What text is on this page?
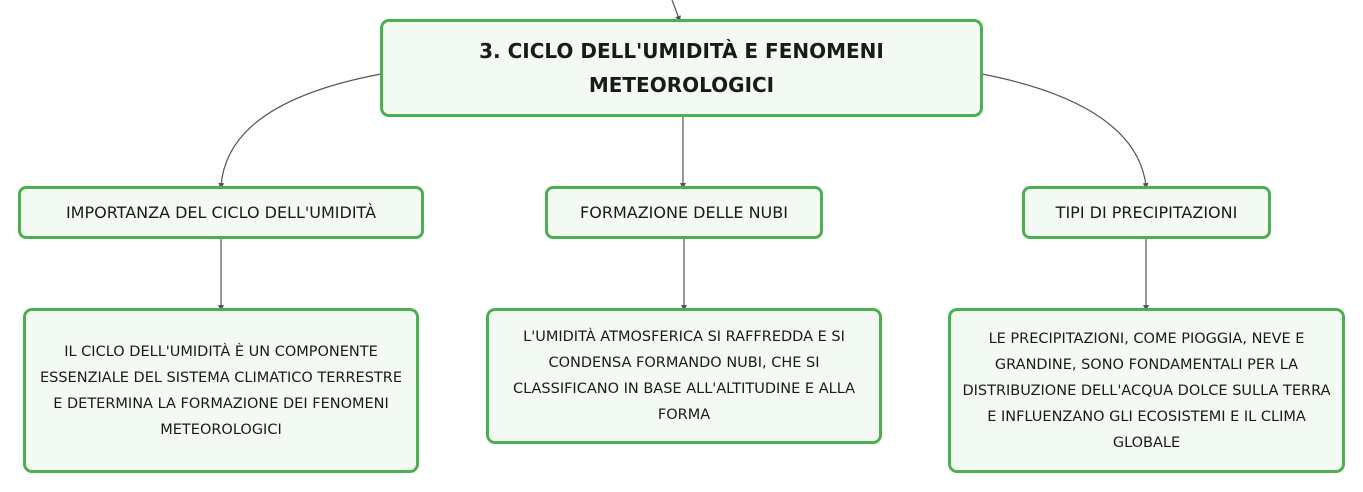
3. CICLO DELL'UMIDITÀ E FENOMENI METEOROLOGICI
IMPORTANZA DEL CICLO DELL'UMIDITÀ	FORMAZIONE DELLE NUBI	TIPI DI PRECIPITAZIONI
IL CICLO DELL'UMIDITÀ È UN COMPONENTE ESSENZIALE DEL SISTEMA CLIMATICO TERRESTRE E DETERMINA LA FORMAZIONE DEI FENOMENI METEOROLOGICI
L'UMIDITÀ ATMOSFERICA SI RAFFREDDA E SI CONDENSA FORMANDO NUBI, CHE SI CLASSIFICANO IN BASE ALL'ALTITUDINE E ALLA FORMA
LE PRECIPITAZIONI, COME PIOGGIA, NEVE E GRANDINE, SONO FONDAMENTALI PER LA DISTRIBUZIONE DELL'ACQUA DOLCE SULLA TERRA E INFLUENZANO GLI ECOSISTEMI E IL CLIMA GLOBALE
